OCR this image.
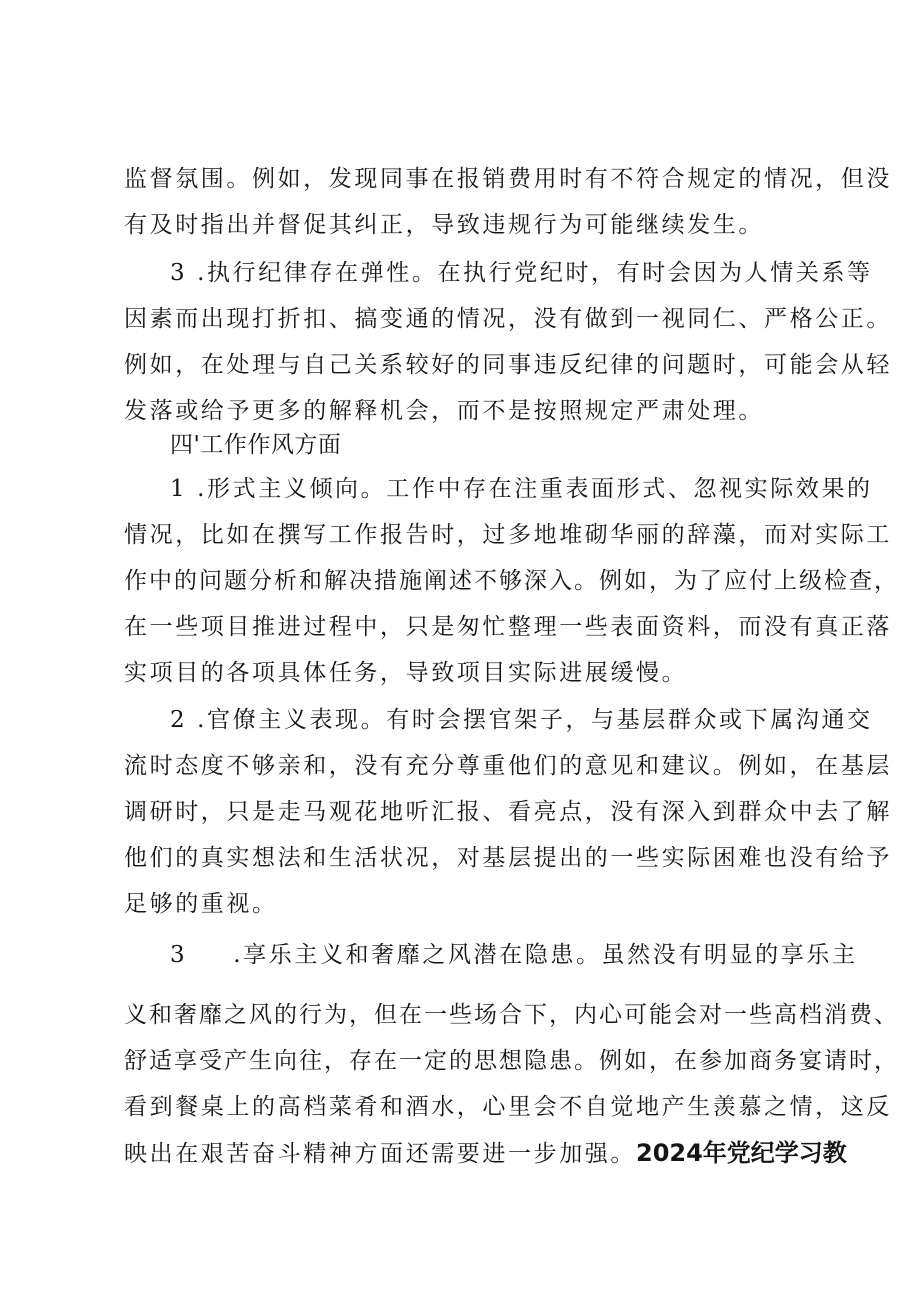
监督氛围。例如，发现同事在报销费用时有不符合规定的情况，但没
有及时指出并督促其纠正，导致违规行为可能继续发生。
3 .执行纪律存在弹性。在执行党纪时，有时会因为人情关系等
因素而出现打折扣、搞变通的情况，没有做到一视同仁、严格公正。
例如，在处理与自己关系较好的同事违反纪律的问题时，可能会从轻
发落或给予更多的解释机会，而不是按照规定严肃处理。
四'工作作风方面
1 .形式主义倾向。工作中存在注重表面形式、忽视实际效果的
情况，比如在撰写工作报告时，过多地堆砌华丽的辞藻，而对实际工
作中的问题分析和解决措施阐述不够深入。例如，为了应付上级检查，
在一些项目推进过程中，只是匆忙整理一些表面资料，而没有真正落
实项目的各项具体任务，导致项目实际进展缓慢。
2 .官僚主义表现。有时会摆官架子，与基层群众或下属沟通交
流时态度不够亲和，没有充分尊重他们的意见和建议。例如，在基层
调研时，只是走马观花地听汇报、看亮点，没有深入到群众中去了解
他们的真实想法和生活状况，对基层提出的一些实际困难也没有给予
足够的重视。
3 .享乐主义和奢靡之风潜在隐患。虽然没有明显的享乐主
义和奢靡之风的行为，但在一些场合下，内心可能会对一些高档消费、
舒适享受产生向往，存在一定的思想隐患。例如，在参加商务宴请时，
看到餐桌上的高档菜肴和酒水，心里会不自觉地产生羡慕之情，这反
映出在艰苦奋斗精神方面还需要进一步加强。2024年党纪学习教
